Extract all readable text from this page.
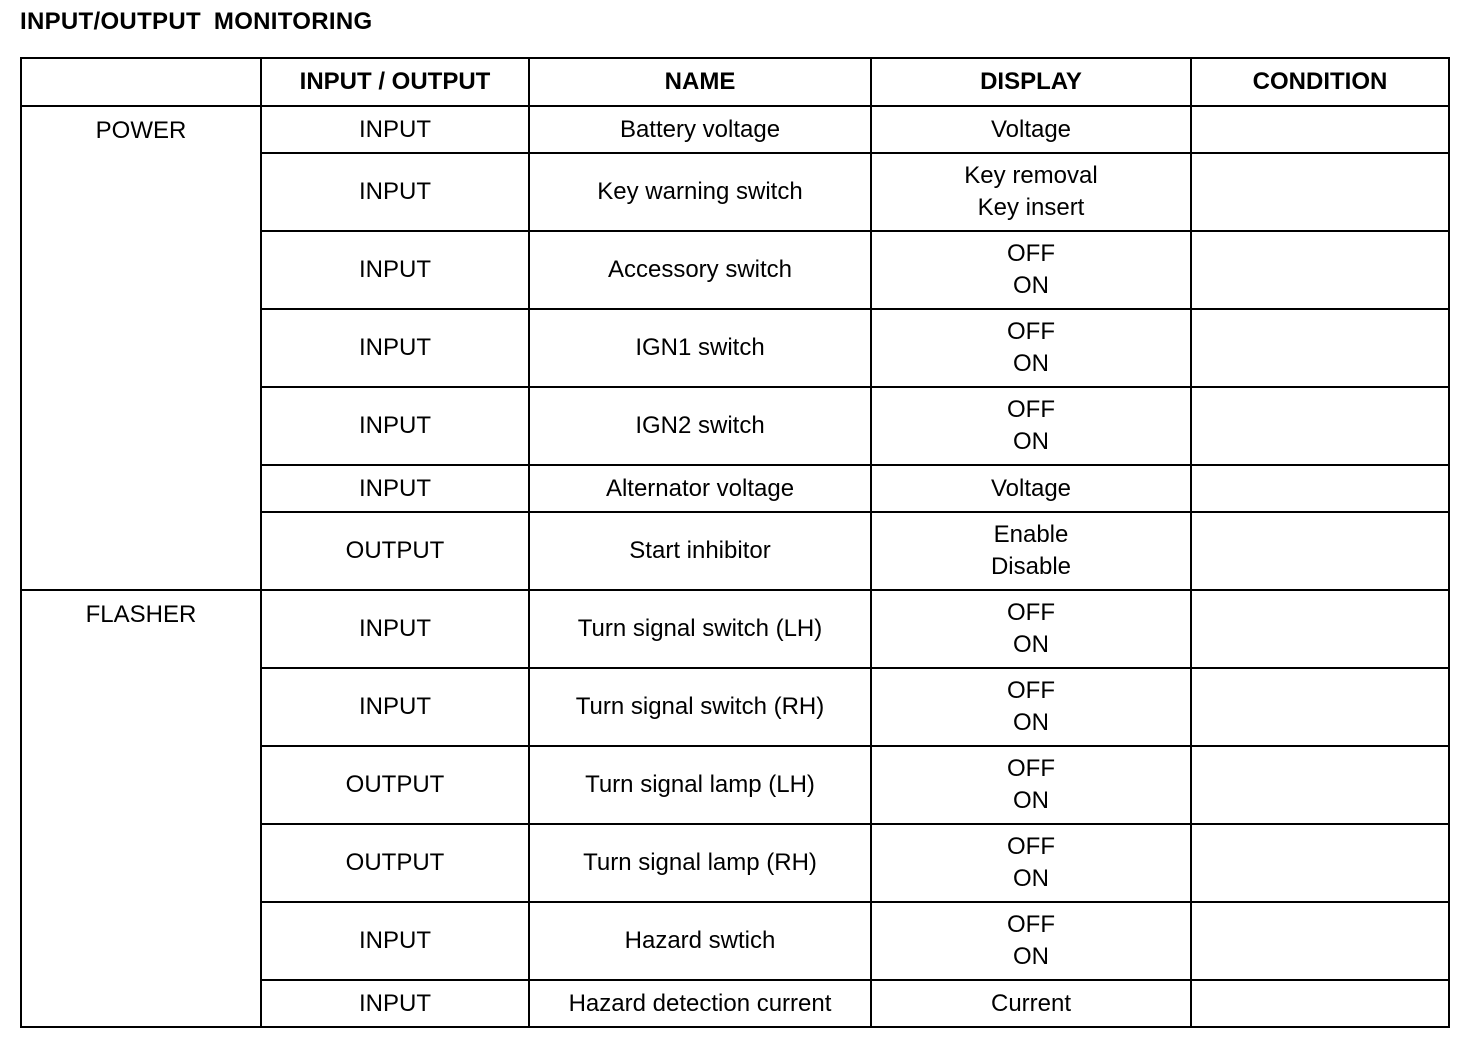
INPUT/OUTPUT MONITORING
	INPUT / OUTPUT	NAME	DISPLAY	CONDITION
POWER	INPUT	Battery voltage	Voltage	

	INPUT	Key warning switch	Key removal
Key insert	

	INPUT	Accessory switch	OFF
ON	

	INPUT	IGN1 switch	OFF
ON	

	INPUT	IGN2 switch	OFF
ON	

	INPUT	Alternator voltage	Voltage	

	OUTPUT	Start inhibitor	Enable
Disable	

FLASHER	INPUT	Turn signal switch (LH)	OFF
ON	

	INPUT	Turn signal switch (RH)	OFF
ON	

	OUTPUT	Turn signal lamp (LH)	OFF
ON	

	OUTPUT	Turn signal lamp (RH)	OFF
ON	

	INPUT	Hazard swtich	OFF
ON	

	INPUT	Hazard detection current	Current	
